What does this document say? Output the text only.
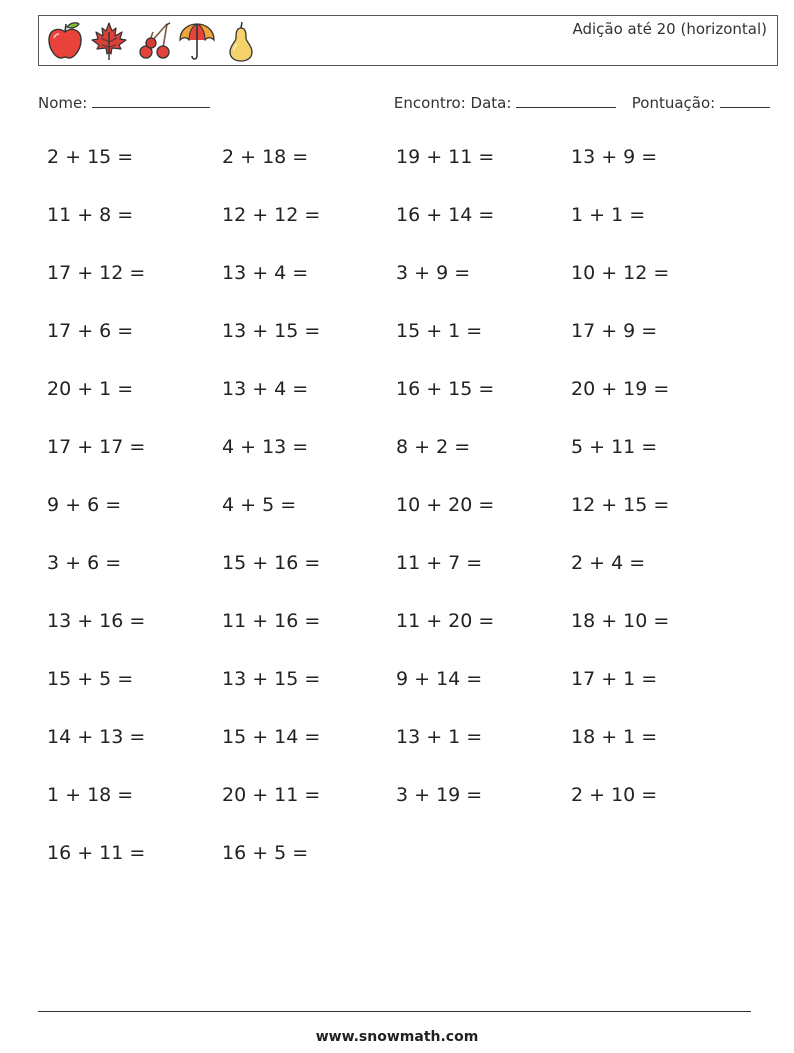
Adição até 20 (horizontal)
Nome:	Encontro: Data:	Pontuação:
2 + 15 =	2 + 18 =	19 + 11 =	13 + 9 =
11 + 8 =	12 + 12 =	16 + 14 =	1 + 1 =
17 + 12 =	13 + 4 =	3 + 9 =	10 + 12 =
17 + 6 =	13 + 15 =	15 + 1 =	17 + 9 =
20 + 1 =	13 + 4 =	16 + 15 =	20 + 19 =
17 + 17 =	4 + 13 =	8 + 2 =	5 + 11 =
9 + 6 =	4 + 5 =	10 + 20 =	12 + 15 =
3 + 6 =	15 + 16 =	11 + 7 =	2 + 4 =
13 + 16 =	11 + 16 =	11 + 20 =	18 + 10 =
15 + 5 =	13 + 15 =	9 + 14 =	17 + 1 =
14 + 13 =	15 + 14 =	13 + 1 =	18 + 1 =
1 + 18 =	20 + 11 =	3 + 19 =	2 + 10 =
16 + 11 =	16 + 5 =
www.snowmath.com
